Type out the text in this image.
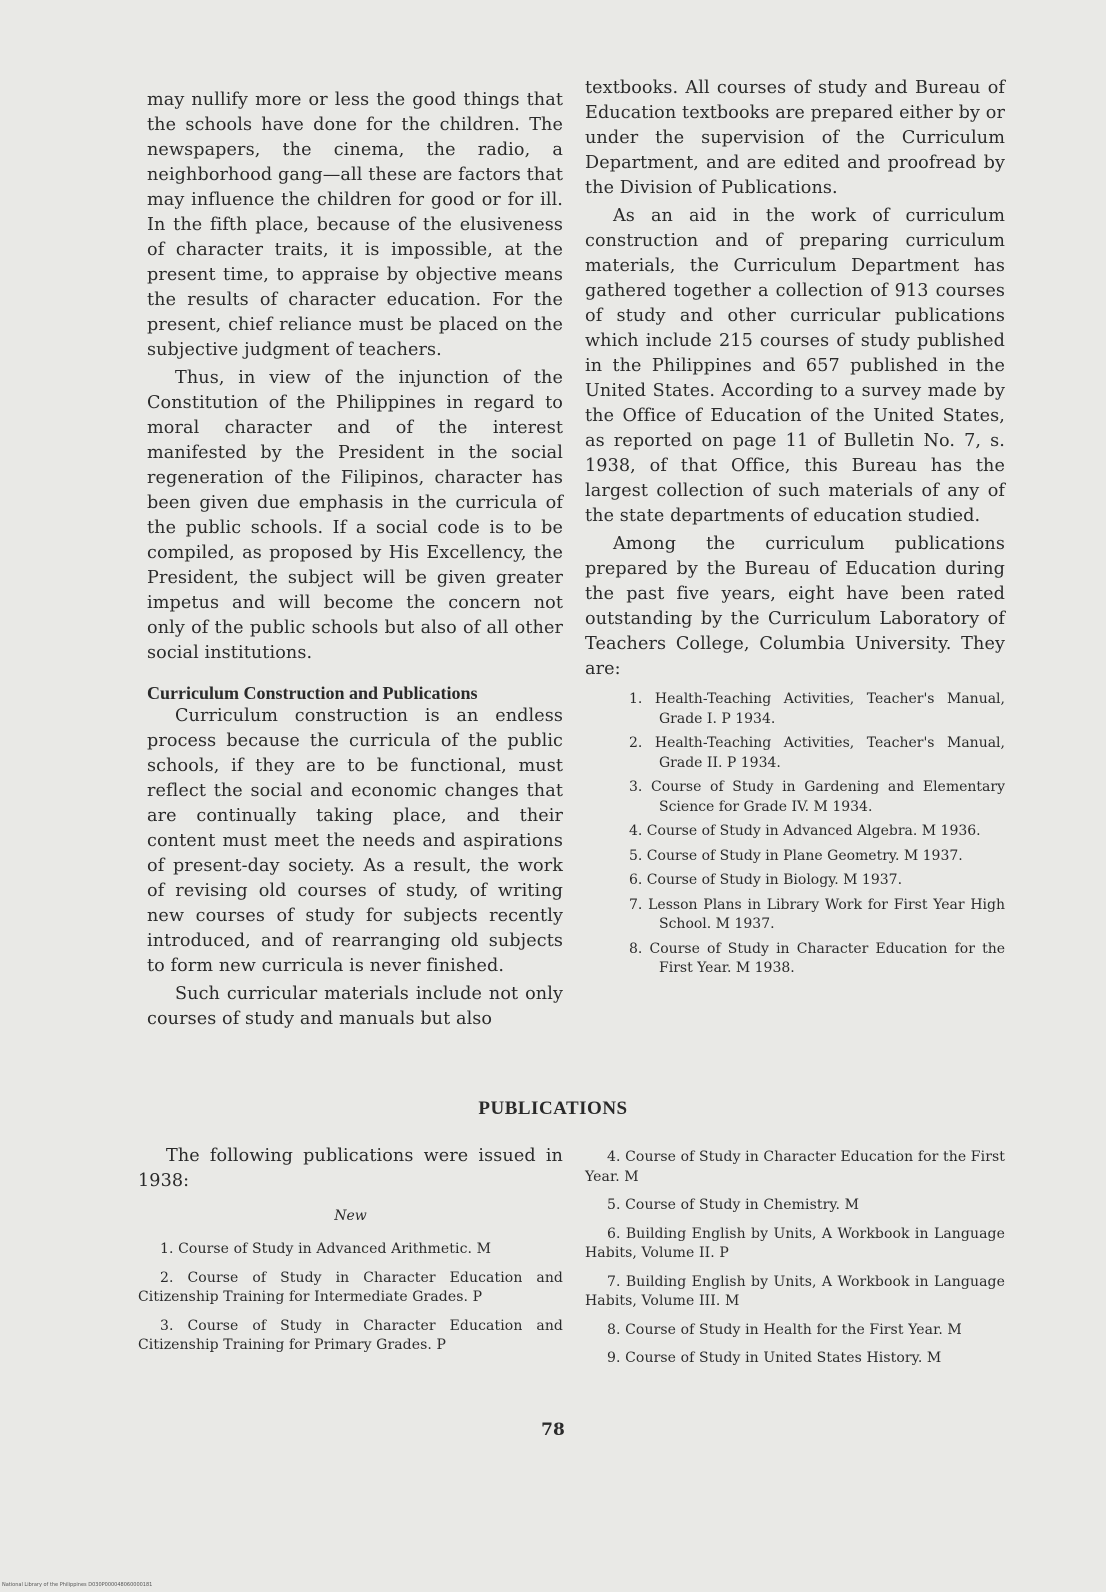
may nullify more or less the good things that the schools have done for the children. The newspapers, the cinema, the radio, a neighborhood gang—all these are factors that may influence the children for good or for ill. In the fifth place, because of the elusiveness of character traits, it is impossible, at the present time, to appraise by objective means the results of character education. For the present, chief reliance must be placed on the subjective judgment of teachers.

Thus, in view of the injunction of the Constitution of the Philippines in regard to moral character and of the interest manifested by the President in the social regeneration of the Filipinos, character has been given due emphasis in the curricula of the public schools. If a social code is to be compiled, as proposed by His Excellency, the President, the subject will be given greater impetus and will become the concern not only of the public schools but also of all other social institutions.

Curriculum Construction and Publications

Curriculum construction is an endless process because the curricula of the public schools, if they are to be functional, must reflect the social and economic changes that are continually taking place, and their content must meet the needs and aspirations of present-day society. As a result, the work of revising old courses of study, of writing new courses of study for subjects recently introduced, and of rearranging old subjects to form new curricula is never finished.

Such curricular materials include not only courses of study and manuals but also

textbooks. All courses of study and Bureau of Education textbooks are prepared either by or under the supervision of the Curriculum Department, and are edited and proofread by the Division of Publications.

As an aid in the work of curriculum construction and of preparing curriculum materials, the Curriculum Department has gathered together a collection of 913 courses of study and other curricular publications which include 215 courses of study published in the Philippines and 657 published in the United States. According to a survey made by the Office of Education of the United States, as reported on page 11 of Bulletin No. 7, s. 1938, of that Office, this Bureau has the largest collection of such materials of any of the state departments of education studied.

Among the curriculum publications prepared by the Bureau of Education during the past five years, eight have been rated outstanding by the Curriculum Laboratory of Teachers College, Columbia University. They are:

1. Health-Teaching Activities, Teacher's Manual, Grade I. P 1934.
2. Health-Teaching Activities, Teacher's Manual, Grade II. P 1934.
3. Course of Study in Gardening and Elementary Science for Grade IV. M 1934.
4. Course of Study in Advanced Algebra. M 1936.
5. Course of Study in Plane Geometry. M 1937.
6. Course of Study in Biology. M 1937.
7. Lesson Plans in Library Work for First Year High School. M 1937.
8. Course of Study in Character Education for the First Year. M 1938.
PUBLICATIONS

The following publications were issued in 1938:

New

1. Course of Study in Advanced Arithmetic. M

2. Course of Study in Character Education and Citizenship Training for Intermediate Grades. P

3. Course of Study in Character Education and Citizenship Training for Primary Grades. P

4. Course of Study in Character Education for the First Year. M

5. Course of Study in Chemistry. M

6. Building English by Units, A Workbook in Language Habits, Volume II. P

7. Building English by Units, A Workbook in Language Habits, Volume III. M

8. Course of Study in Health for the First Year. M

9. Course of Study in United States History. M

78
National Library of the Philippines D030P000048060000181
